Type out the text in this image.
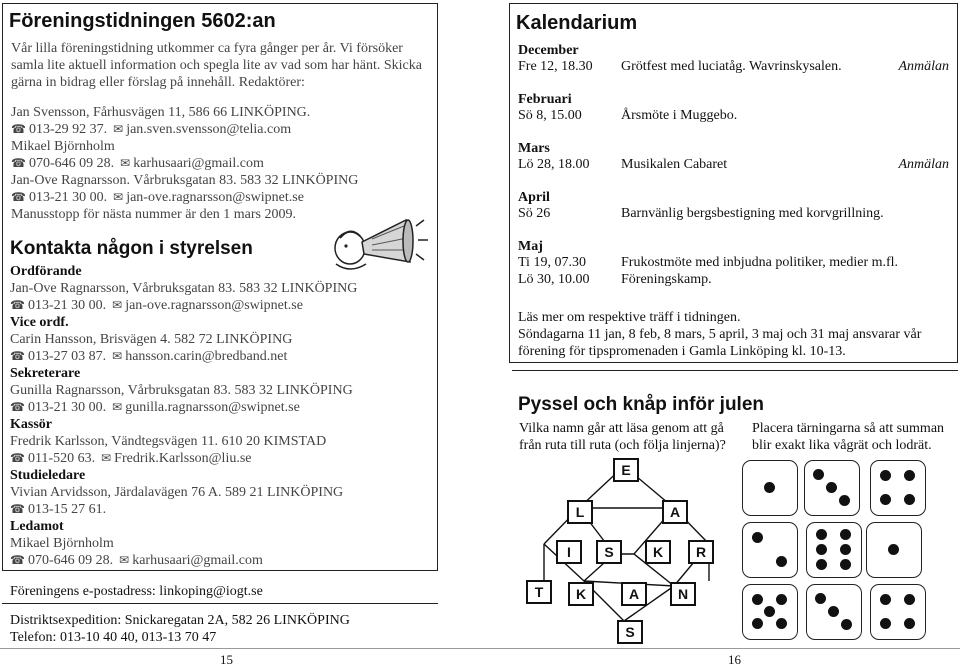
Föreningstidningen 5602:an
Vår lilla föreningstidning utkommer ca fyra gånger per år. Vi försöker
samla lite aktuell information och spegla lite av vad som har hänt. Skicka
gärna in bidrag eller förslag på innehåll. Redaktörer:
Jan Svensson, Fårhusvägen 11, 586 66 LINKÖPING.
☎ 013-29 92 37. ✉ jan.sven.svensson@telia.com
Mikael Björnholm
☎ 070-646 09 28. ✉ karhusaari@gmail.com
Jan-Ove Ragnarsson. Vårbruksgatan 83. 583 32 LINKÖPING
☎ 013-21 30 00. ✉ jan-ove.ragnarsson@swipnet.se
Manusstopp för nästa nummer är den 1 mars 2009.
Kontakta någon i styrelsen
Ordförande
Jan-Ove Ragnarsson, Vårbruksgatan 83. 583 32 LINKÖPING
☎ 013-21 30 00. ✉ jan-ove.ragnarsson@swipnet.se
Vice ordf.
Carin Hansson, Brisvägen 4. 582 72 LINKÖPING
☎ 013-27 03 87. ✉ hansson.carin@bredband.net
Sekreterare
Gunilla Ragnarsson, Vårbruksgatan 83. 583 32 LINKÖPING
☎ 013-21 30 00. ✉ gunilla.ragnarsson@swipnet.se
Kassör
Fredrik Karlsson, Vändtegsvägen 11. 610 20 KIMSTAD
☎ 011-520 63. ✉ Fredrik.Karlsson@liu.se
Studieledare
Vivian Arvidsson, Järdalavägen 76 A. 589 21 LINKÖPING
☎ 013-15 27 61.
Ledamot
Mikael Björnholm
☎ 070-646 09 28. ✉ karhusaari@gmail.com
Föreningens e-postadress: linkoping@iogt.se
Distriktsexpedition: Snickaregatan 2A, 582 26 LINKÖPING
Telefon: 013-10 40 40, 013-13 70 47
15	16
Kalendarium
December
Fre 12, 18.30 Grötfest med luciatåg. Wavrinskysalen.	Anmälan
Februari
Sö 8, 15.00	Årsmöte i Muggebo.
Mars
Lö 28, 18.00 Musikalen Cabaret	Anmälan
April
Sö 26	Barnvänlig bergsbestigning med korvgrillning.
Maj
Ti 19, 07.30	Frukostmöte med inbjudna politiker, medier m.fl.
Lö 30, 10.00 Föreningskamp.
Läs mer om respektive träff i tidningen.
Söndagarna 11 jan, 8 feb, 8 mars, 5 april, 3 maj och 31 maj ansvarar vår
förening för tipspromenaden i Gamla Linköping kl. 10-13.
Pyssel och knåp inför julen
Vilka namn går att läsa genom att gå
från ruta till ruta (och följa linjerna)?
Placera tärningarna så att summan
blir exakt lika vågrät och lodrät.
E
L	A
I	S	K	R
T	K	A	N
S
